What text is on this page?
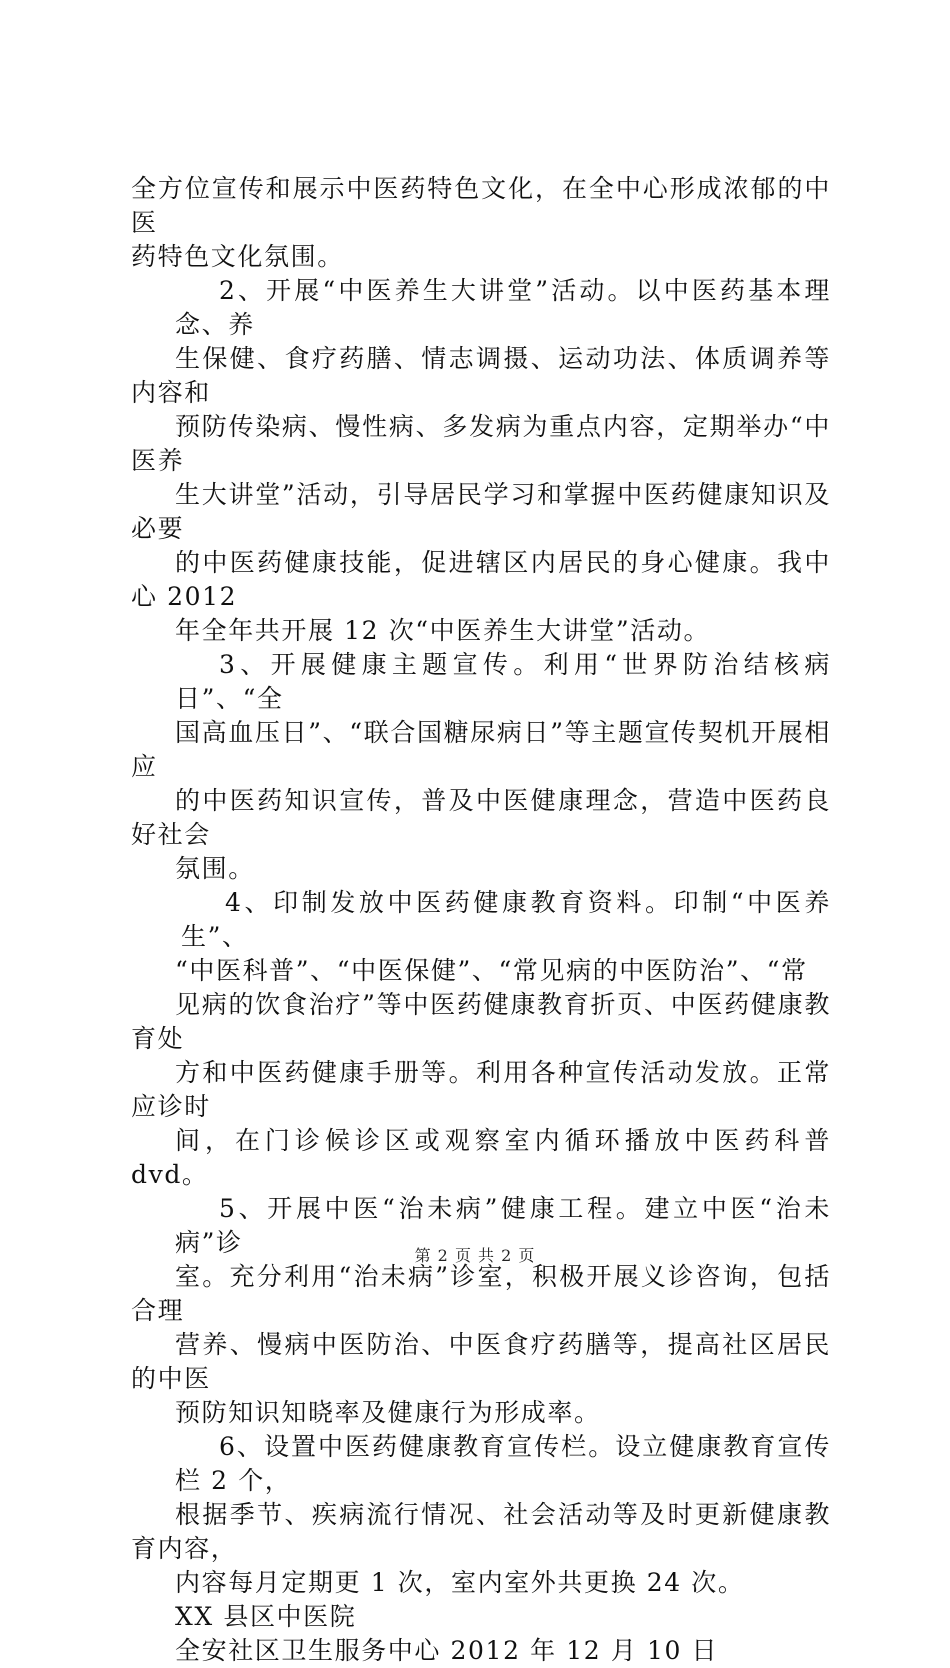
全方位宣传和展示中医药特色文化，在全中心形成浓郁的中医
药特色文化氛围。

2、开展“中医养生大讲堂”活动。以中医药基本理念、养
生保健、食疗药膳、情志调摄、运动功法、体质调养等内容和
预防传染病、慢性病、多发病为重点内容，定期举办“中医养
生大讲堂”活动，引导居民学习和掌握中医药健康知识及必要
的中医药健康技能，促进辖区内居民的身心健康。我中心 2012
年全年共开展 12 次“中医养生大讲堂”活动。

3、开展健康主题宣传。利用“世界防治结核病日”、“全
国高血压日”、“联合国糖尿病日”等主题宣传契机开展相应
的中医药知识宣传，普及中医健康理念，营造中医药良好社会
氛围。

4、印制发放中医药健康教育资料。印制“中医养生”、
“中医科普”、“中医保健”、“常见病的中医防治”、“常
见病的饮食治疗”等中医药健康教育折页、中医药健康教育处
方和中医药健康手册等。利用各种宣传活动发放。正常应诊时
间，在门诊候诊区或观察室内循环播放中医药科普 dvd。

5、开展中医“治未病”健康工程。建立中医“治未病”诊
室。充分利用“治未病”诊室，积极开展义诊咨询，包括合理
营养、慢病中医防治、中医食疗药膳等，提高社区居民的中医
预防知识知晓率及健康行为形成率。

6、设置中医药健康教育宣传栏。设立健康教育宣传栏 2 个，
根据季节、疾病流行情况、社会活动等及时更新健康教育内容，
内容每月定期更 1 次，室内室外共更换 24 次。

XX 县区中医院

全安社区卫生服务中心 2012 年 12 月 10 日

第 2 页 共 2 页
